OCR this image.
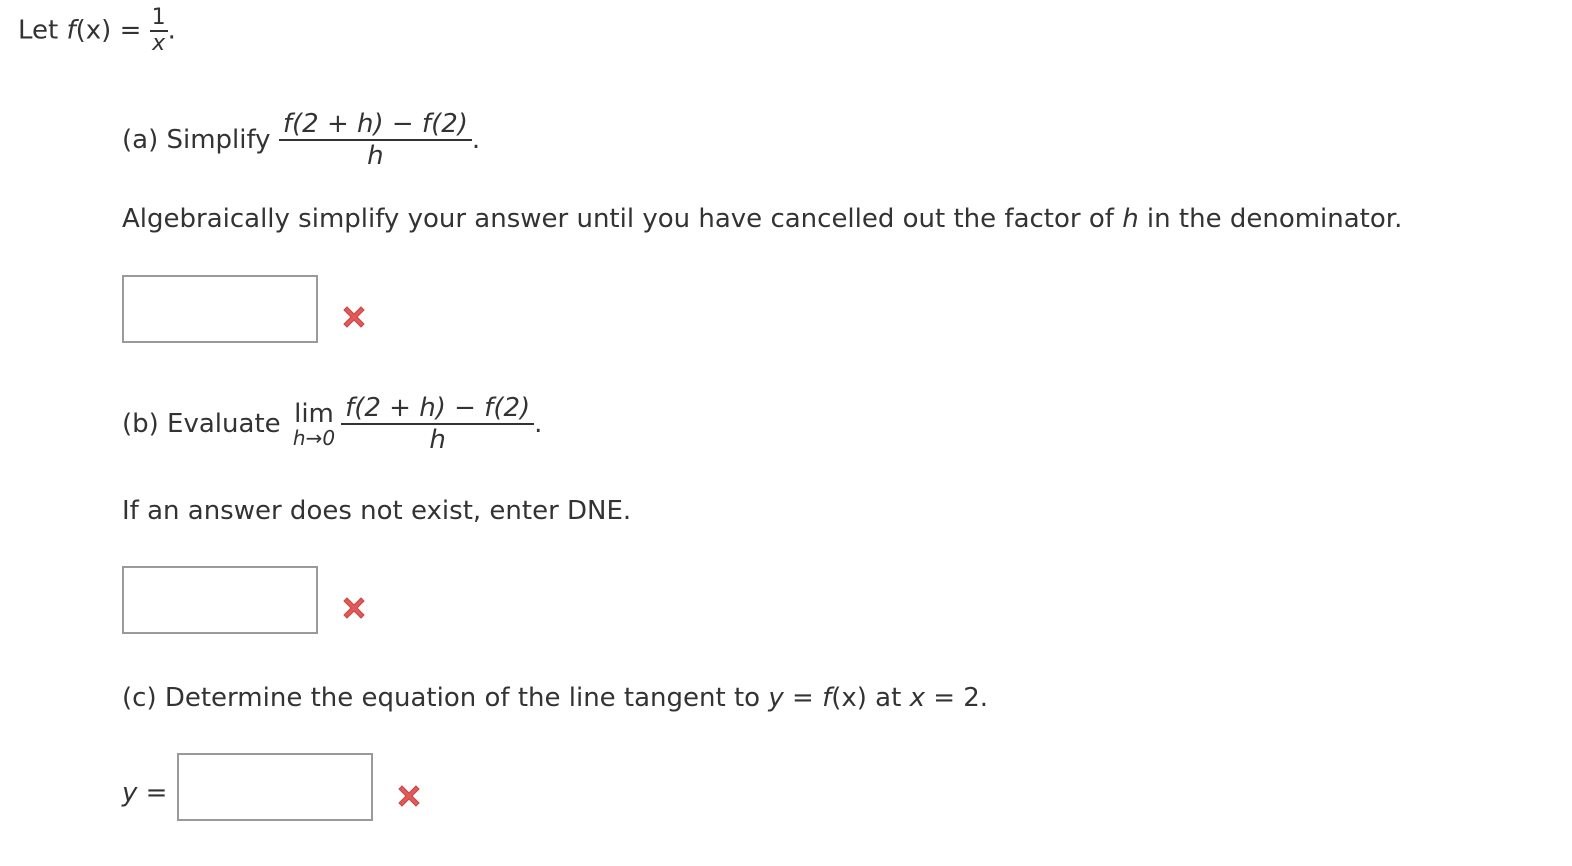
Let $f(x) = \frac{1}{x}$ .
(a) Simplify $\frac{f(2 + h) - f(2)}{h}$ .
Algebraically simplify your answer until you have cancelled out the factor of h in the denominator.
(b) Evaluate lim
$h\to 0 \frac{f(2 + h) - f(2)}{h}$ .
If an answer does not exist, enter DNE.
(c) Determine the equation of the line tangent to y = f(x) at x = 2.
y =
